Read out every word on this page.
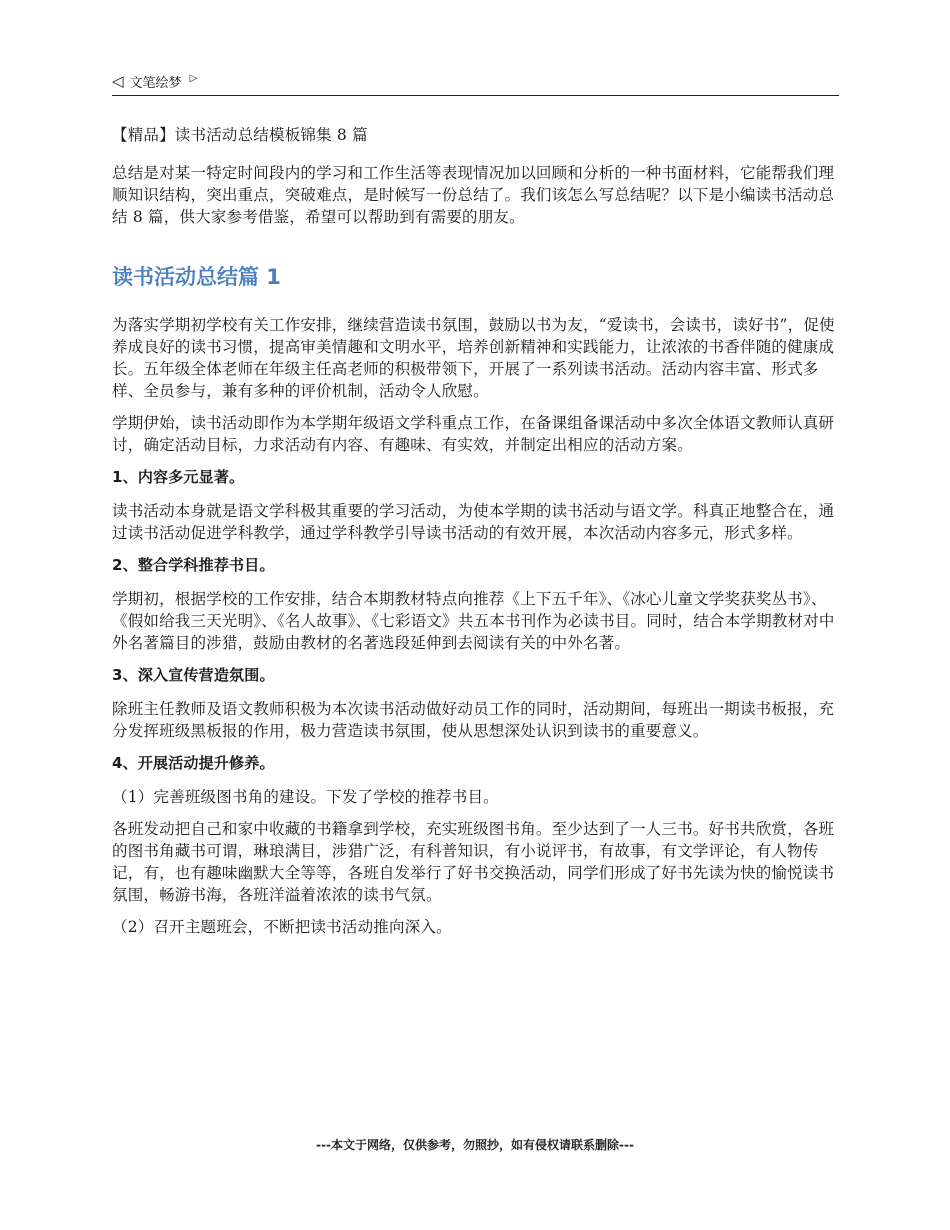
◁ 文笔绘梦 ▷
【精品】读书活动总结模板锦集 8 篇

总结是对某一特定时间段内的学习和工作生活等表现情况加以回顾和分析的一种书面材料，它能帮我们理顺知识结构，突出重点，突破难点，是时候写一份总结了。我们该怎么写总结呢？以下是小编读书活动总结 8 篇，供大家参考借鉴，希望可以帮助到有需要的朋友。

读书活动总结篇 1

为落实学期初学校有关工作安排，继续营造读书氛围，鼓励以书为友，“爱读书，会读书，读好书”，促使养成良好的读书习惯，提高审美情趣和文明水平，培养创新精神和实践能力，让浓浓的书香伴随的健康成长。五年级全体老师在年级主任高老师的积极带领下，开展了一系列读书活动。活动内容丰富、形式多样、全员参与，兼有多种的评价机制，活动令人欣慰。

学期伊始，读书活动即作为本学期年级语文学科重点工作，在备课组备课活动中多次全体语文教师认真研讨，确定活动目标，力求活动有内容、有趣味、有实效，并制定出相应的活动方案。

1、内容多元显著。

读书活动本身就是语文学科极其重要的学习活动，为使本学期的读书活动与语文学。科真正地整合在，通过读书活动促进学科教学，通过学科教学引导读书活动的有效开展，本次活动内容多元，形式多样。

2、整合学科推荐书目。

学期初，根据学校的工作安排，结合本期教材特点向推荐《上下五千年》、《冰心儿童文学奖获奖丛书》、《假如给我三天光明》、《名人故事》、《七彩语文》共五本书刊作为必读书目。同时，结合本学期教材对中外名著篇目的涉猎，鼓励由教材的名著选段延伸到去阅读有关的中外名著。

3、深入宣传营造氛围。

除班主任教师及语文教师积极为本次读书活动做好动员工作的同时，活动期间，每班出一期读书板报，充分发挥班级黑板报的作用，极力营造读书氛围，使从思想深处认识到读书的重要意义。

4、开展活动提升修养。

（1）完善班级图书角的建设。下发了学校的推荐书目。

各班发动把自己和家中收藏的书籍拿到学校，充实班级图书角。至少达到了一人三书。好书共欣赏，各班的图书角藏书可谓，琳琅满目，涉猎广泛，有科普知识，有小说评书，有故事，有文学评论，有人物传记，有，也有趣味幽默大全等等，各班自发举行了好书交换活动，同学们形成了好书先读为快的愉悦读书氛围，畅游书海，各班洋溢着浓浓的读书气氛。

（2）召开主题班会，不断把读书活动推向深入。

---本文于网络，仅供参考，勿照抄，如有侵权请联系删除---
